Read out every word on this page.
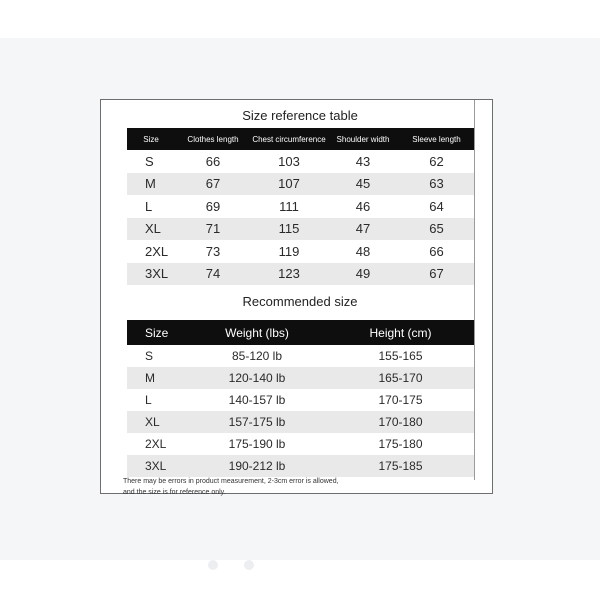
Size reference table
Size	Clothes length	Chest circumference	Shoulder width	Sleeve length
S	66	103	43	62
M	67	107	45	63
L	69	111	46	64
XL	71	115	47	65
2XL	73	119	48	66
3XL	74	123	49	67
Recommended size
Size	Weight (lbs)	Height (cm)
S	85-120 lb	155-165
M	120-140 lb	165-170
L	140-157 lb	170-175
XL	157-175 lb	170-180
2XL	175-190 lb	175-180
3XL	190-212 lb	175-185
There may be errors in product measurement, 2-3cm error is allowed,
and the size is for reference only.
